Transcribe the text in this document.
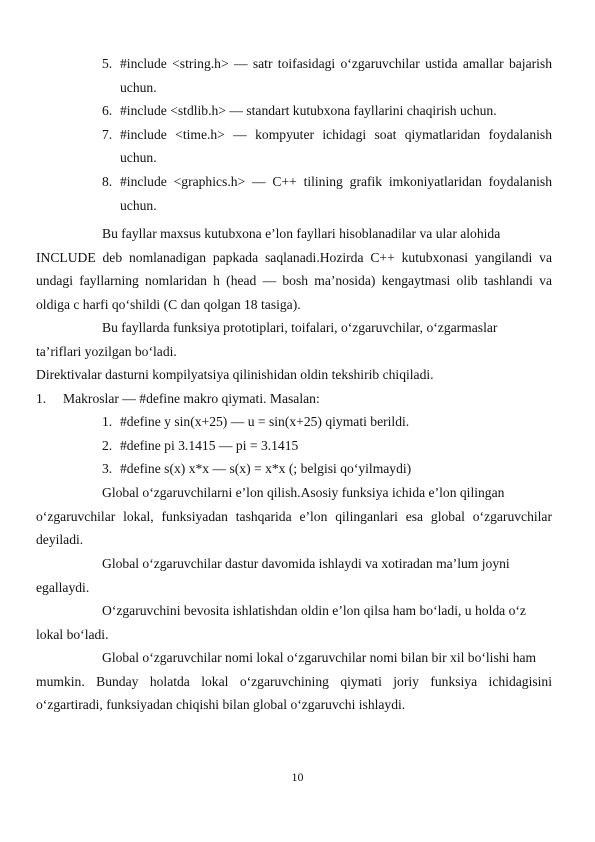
5. #include <string.h> — satr toifasidagi o‘zgaruvchilar ustida amallar bajarish uchun.
6. #include <stdlib.h> — standart kutubxona fayllarini chaqirish uchun.
7. #include <time.h> — kompyuter ichidagi soat qiymatlaridan foydalanish uchun.
8. #include <graphics.h> — C++ tilining grafik imkoniyatlaridan foydalanish uchun.
Bu fayllar maxsus kutubxona e’lon fayllari hisoblanadilar va ular alohida
INCLUDE deb nomlanadigan papkada saqlanadi.Hozirda C++ kutubxonasi yangilandi va undagi fayllarning nomlaridan h (head — bosh ma’nosida) kengaytmasi olib tashlandi va oldiga c harfi qo‘shildi (C dan qolgan 18 tasiga).
Bu fayllarda funksiya prototiplari, toifalari, o‘zgaruvchilar, o‘zgarmaslar
ta’riflari yozilgan bo‘ladi.
Direktivalar dasturni kompilyatsiya qilinishidan oldin tekshirib chiqiladi.
1. Makroslar — #define makro qiymati. Masalan:
1. #define y sin(x+25) — u = sin(x+25) qiymati berildi.
2. #define pi 3.1415 — pi = 3.1415
3. #define s(x) x*x — s(x) = x*x (; belgisi qo‘yilmaydi)
Global o‘zgaruvchilarni e’lon qilish.Asosiy funksiya ichida e’lon qilingan
o‘zgaruvchilar lokal, funksiyadan tashqarida e’lon qilinganlari esa global o‘zgaruvchilar deyiladi.
Global o‘zgaruvchilar dastur davomida ishlaydi va xotiradan ma’lum joyni
egallaydi.
O‘zgaruvchini bevosita ishlatishdan oldin e’lon qilsa ham bo‘ladi, u holda o‘z
lokal bo‘ladi.
Global o‘zgaruvchilar nomi lokal o‘zgaruvchilar nomi bilan bir xil bo‘lishi ham
mumkin. Bunday holatda lokal o‘zgaruvchining qiymati joriy funksiya ichidagisini o‘zgartiradi, funksiyadan chiqishi bilan global o‘zgaruvchi ishlaydi.
10
